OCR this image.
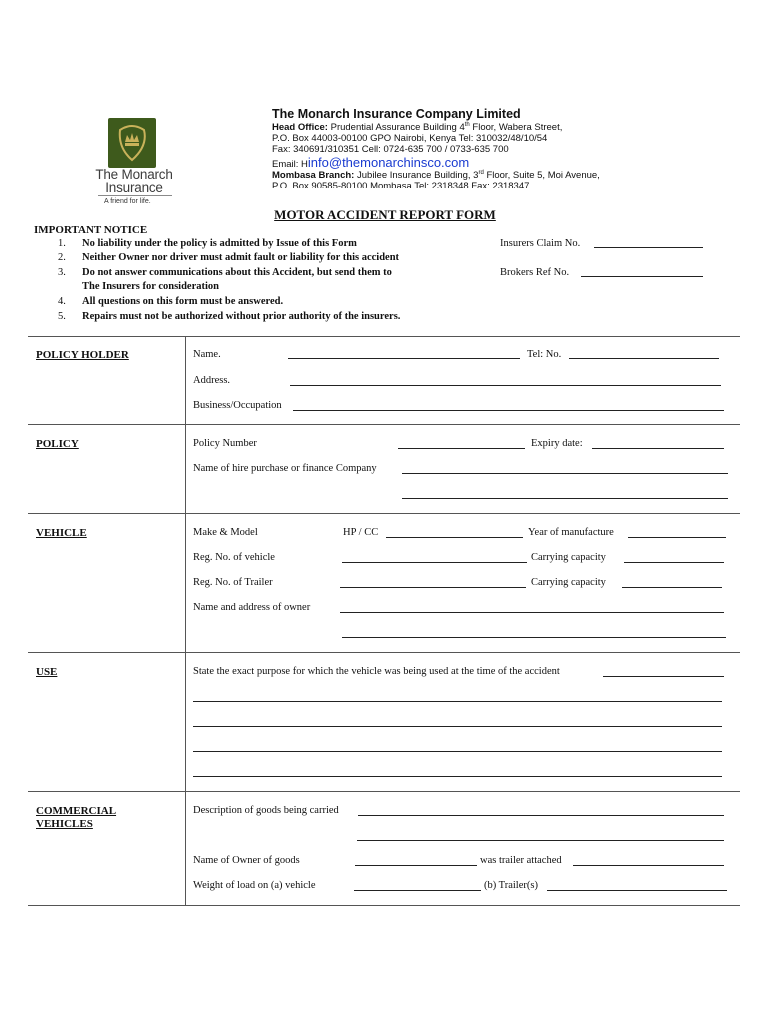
The Monarch
Insurance
A friend for life.
The Monarch Insurance Company Limited
Head Office: Prudential Assurance Building 4th Floor, Wabera Street,
P.O. Box 44003-00100 GPO Nairobi, Kenya Tel: 310032/48/10/54
Fax: 340691/310351 Cell: 0724-635 700 / 0733-635 700
Email: Hinfo@themonarchinsco.com
Mombasa Branch: Jubilee Insurance Building, 3rd Floor, Suite 5, Moi Avenue,
P.O. Box 90585-80100 Mombasa Tel: 2318348 Fax: 2318347
MOTOR ACCIDENT REPORT FORM
IMPORTANT NOTICE
1. No liability under the policy is admitted by Issue of this Form
2. Neither Owner nor driver must admit fault or liability for this accident
3. Do not answer communications about this Accident, but send them to
The Insurers for consideration
4. All questions on this form must be answered.
5. Repairs must not be authorized without prior authority of the insurers.
Insurers Claim No.
Brokers Ref No.
POLICY HOLDER	Name.	Tel: No.
Address.
Business/Occupation
POLICY	Policy Number	Expiry date:
Name of hire purchase or finance Company
VEHICLE	Make & Model	HP / CC	Year of manufacture
Reg. No. of vehicle	Carrying capacity
Reg. No. of Trailer	Carrying capacity
Name and address of owner
USE	State the exact purpose for which the vehicle was being used at the time of the accident
COMMERCIAL
VEHICLES
Description of goods being carried
Name of Owner of goods	was trailer attached
Weight of load on (a) vehicle	(b) Trailer(s)
